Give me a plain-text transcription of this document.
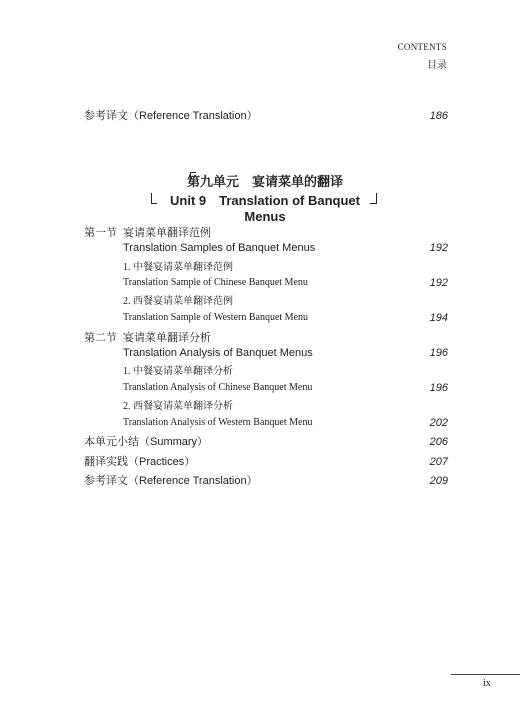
CONTENTS
目录
参考译文（Reference Translation）	186
第九单元　宴请菜单的翻译
Unit 9　Translation of Banquet Menus
第一节 宴请菜单翻译范例
Translation Samples of Banquet Menus	192
1. 中餐宴请菜单翻译范例
Translation Sample of Chinese Banquet Menu	192
2. 西餐宴请菜单翻译范例
Translation Sample of Western Banquet Menu	194
第二节 宴请菜单翻译分析
Translation Analysis of Banquet Menus	196
1. 中餐宴请菜单翻译分析
Translation Analysis of Chinese Banquet Menu	196
2. 西餐宴请菜单翻译分析
Translation Analysis of Western Banquet Menu	202
本单元小结（Summary）	206
翻译实践（Practices）	207
参考译文（Reference Translation）	209
ix
